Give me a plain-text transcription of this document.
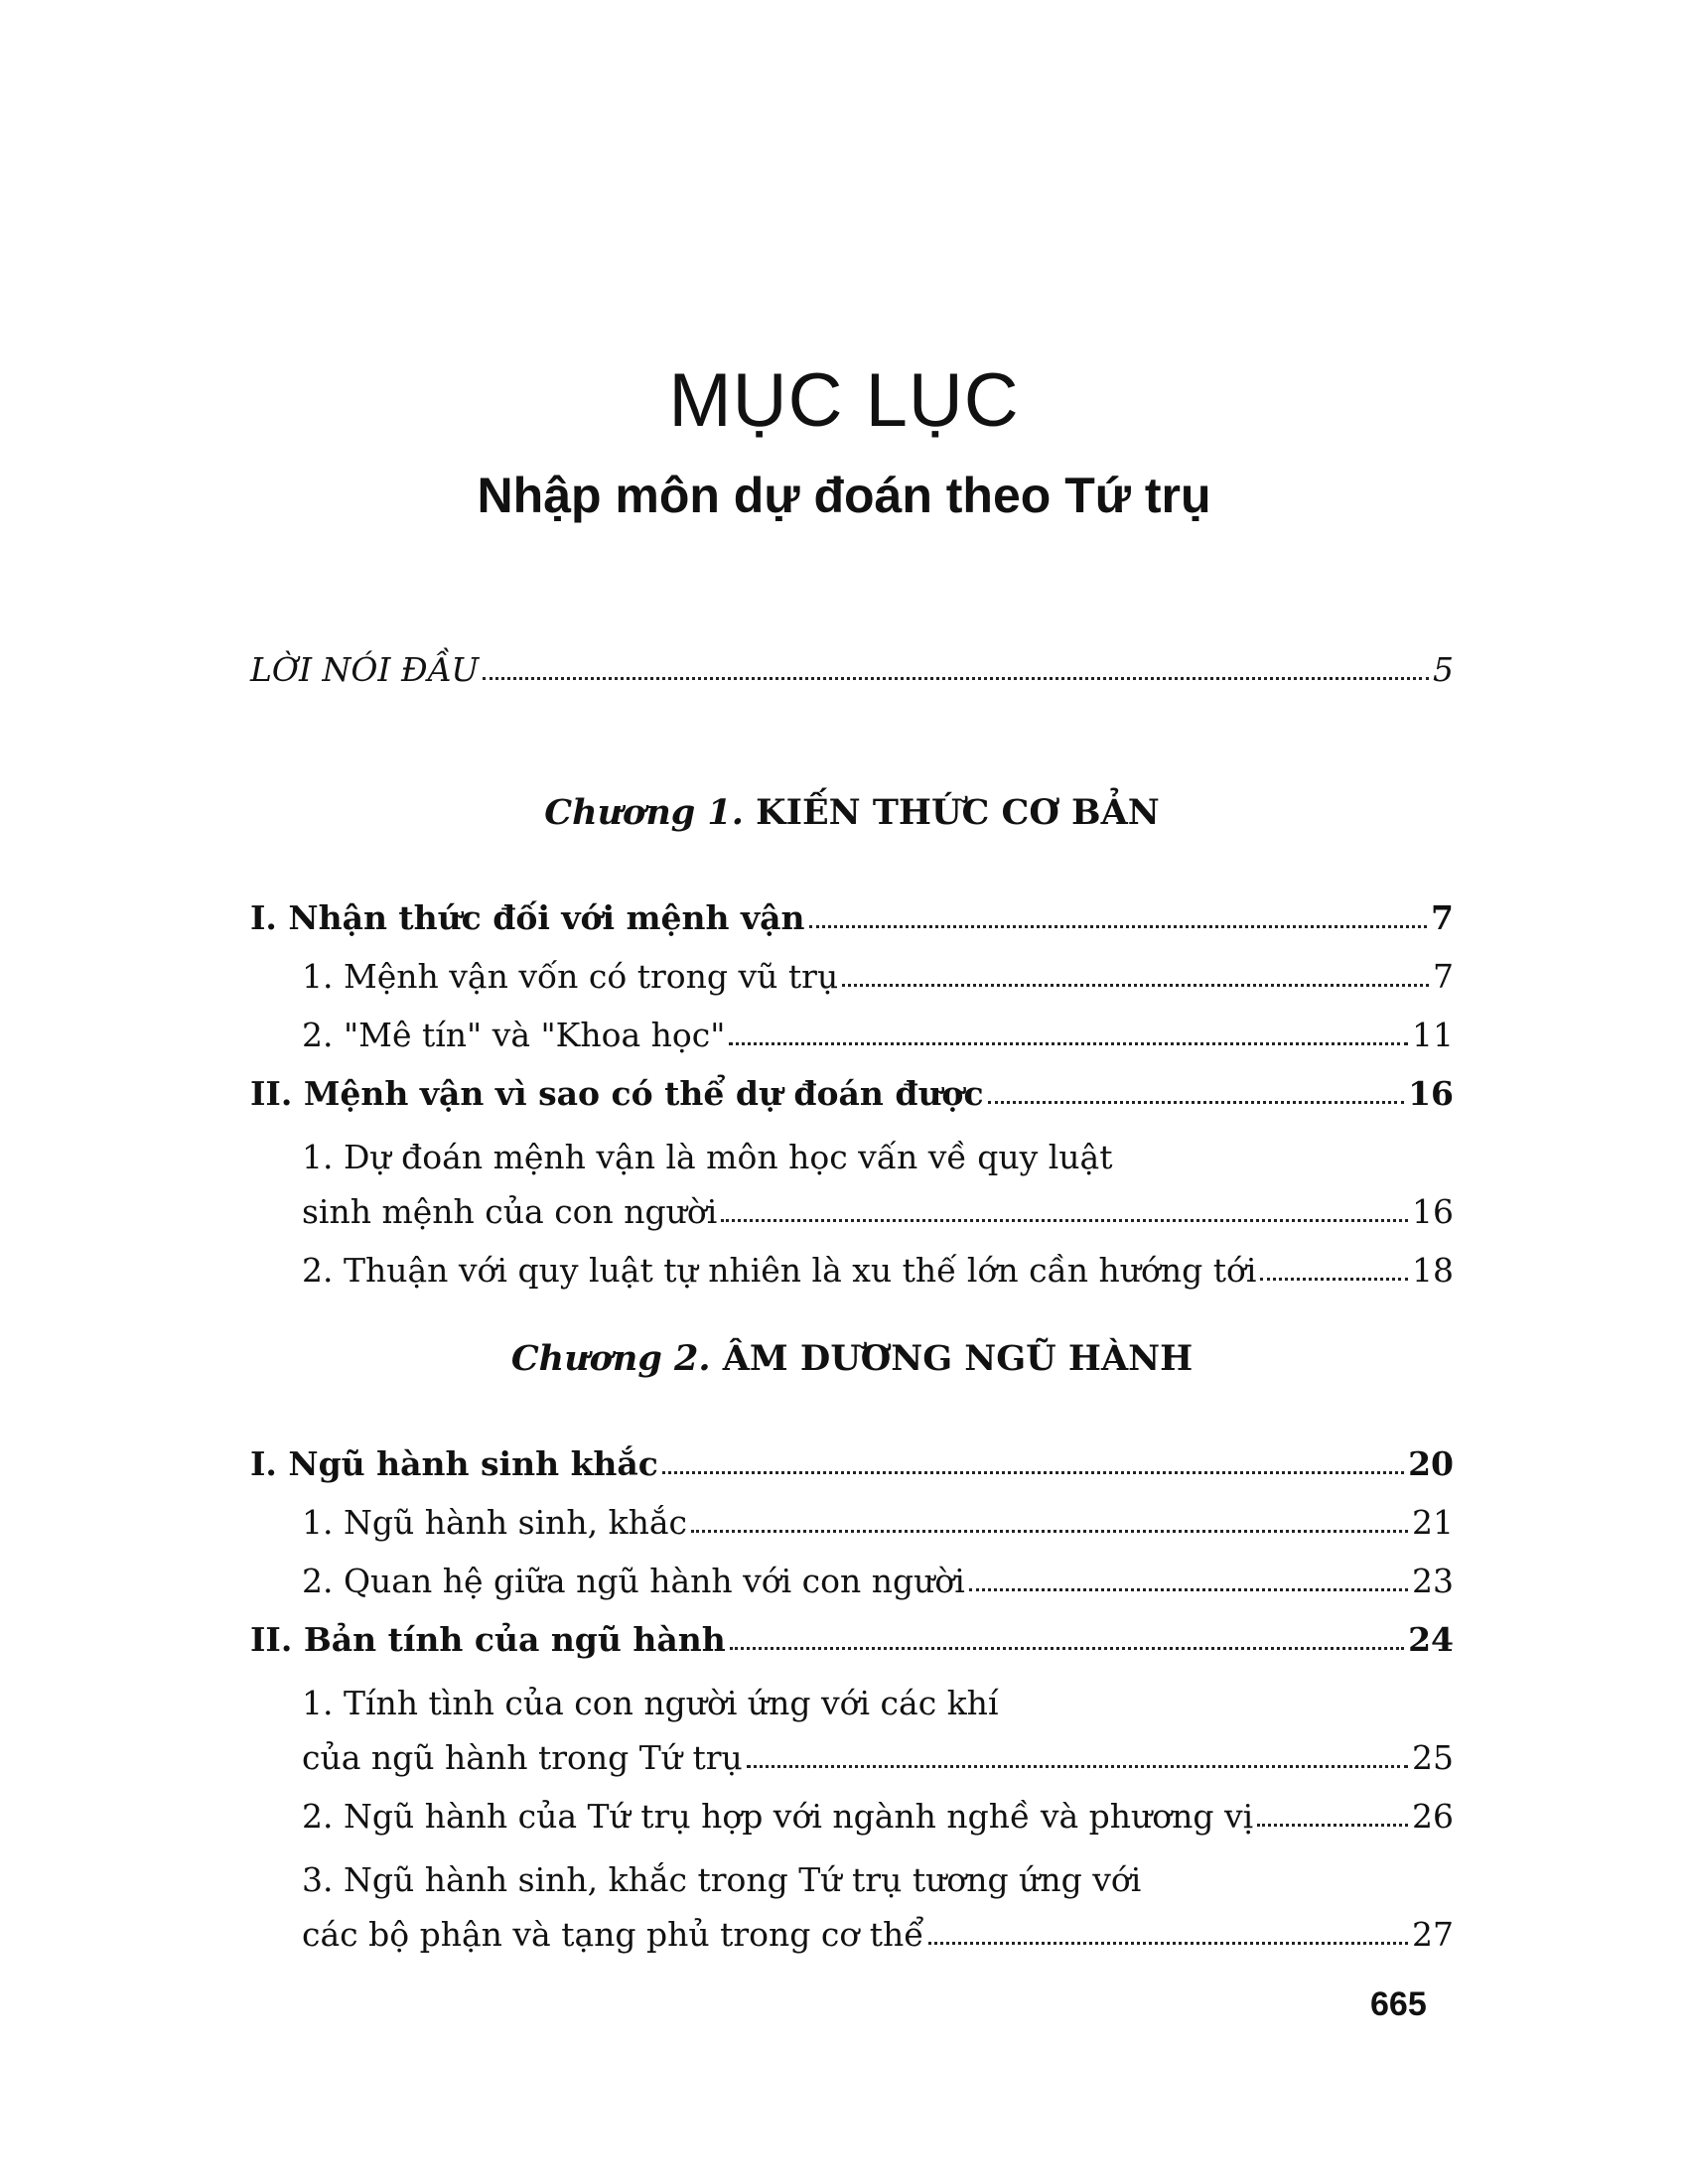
MỤC LỤC
Nhập môn dự đoán theo Tứ trụ
LỜI NÓI ĐẦU	5
Chương 1. KIẾN THỨC CƠ BẢN
I. Nhận thức đối với mệnh vận	7
1. Mệnh vận vốn có trong vũ trụ	7
2. "Mê tín" và "Khoa học"	11
II. Mệnh vận vì sao có thể dự đoán được	16
1. Dự đoán mệnh vận là môn học vấn về quy luật
sinh mệnh của con người	16
2. Thuận với quy luật tự nhiên là xu thế lớn cần hướng tới	18
Chương 2. ÂM DƯƠNG NGŨ HÀNH
I. Ngũ hành sinh khắc	20
1. Ngũ hành sinh, khắc	21
2. Quan hệ giữa ngũ hành với con người	23
II. Bản tính của ngũ hành	24
1. Tính tình của con người ứng với các khí
của ngũ hành trong Tứ trụ	25
2. Ngũ hành của Tứ trụ hợp với ngành nghề và phương vị	26
3. Ngũ hành sinh, khắc trong Tứ trụ tương ứng với
các bộ phận và tạng phủ trong cơ thể	27
665
